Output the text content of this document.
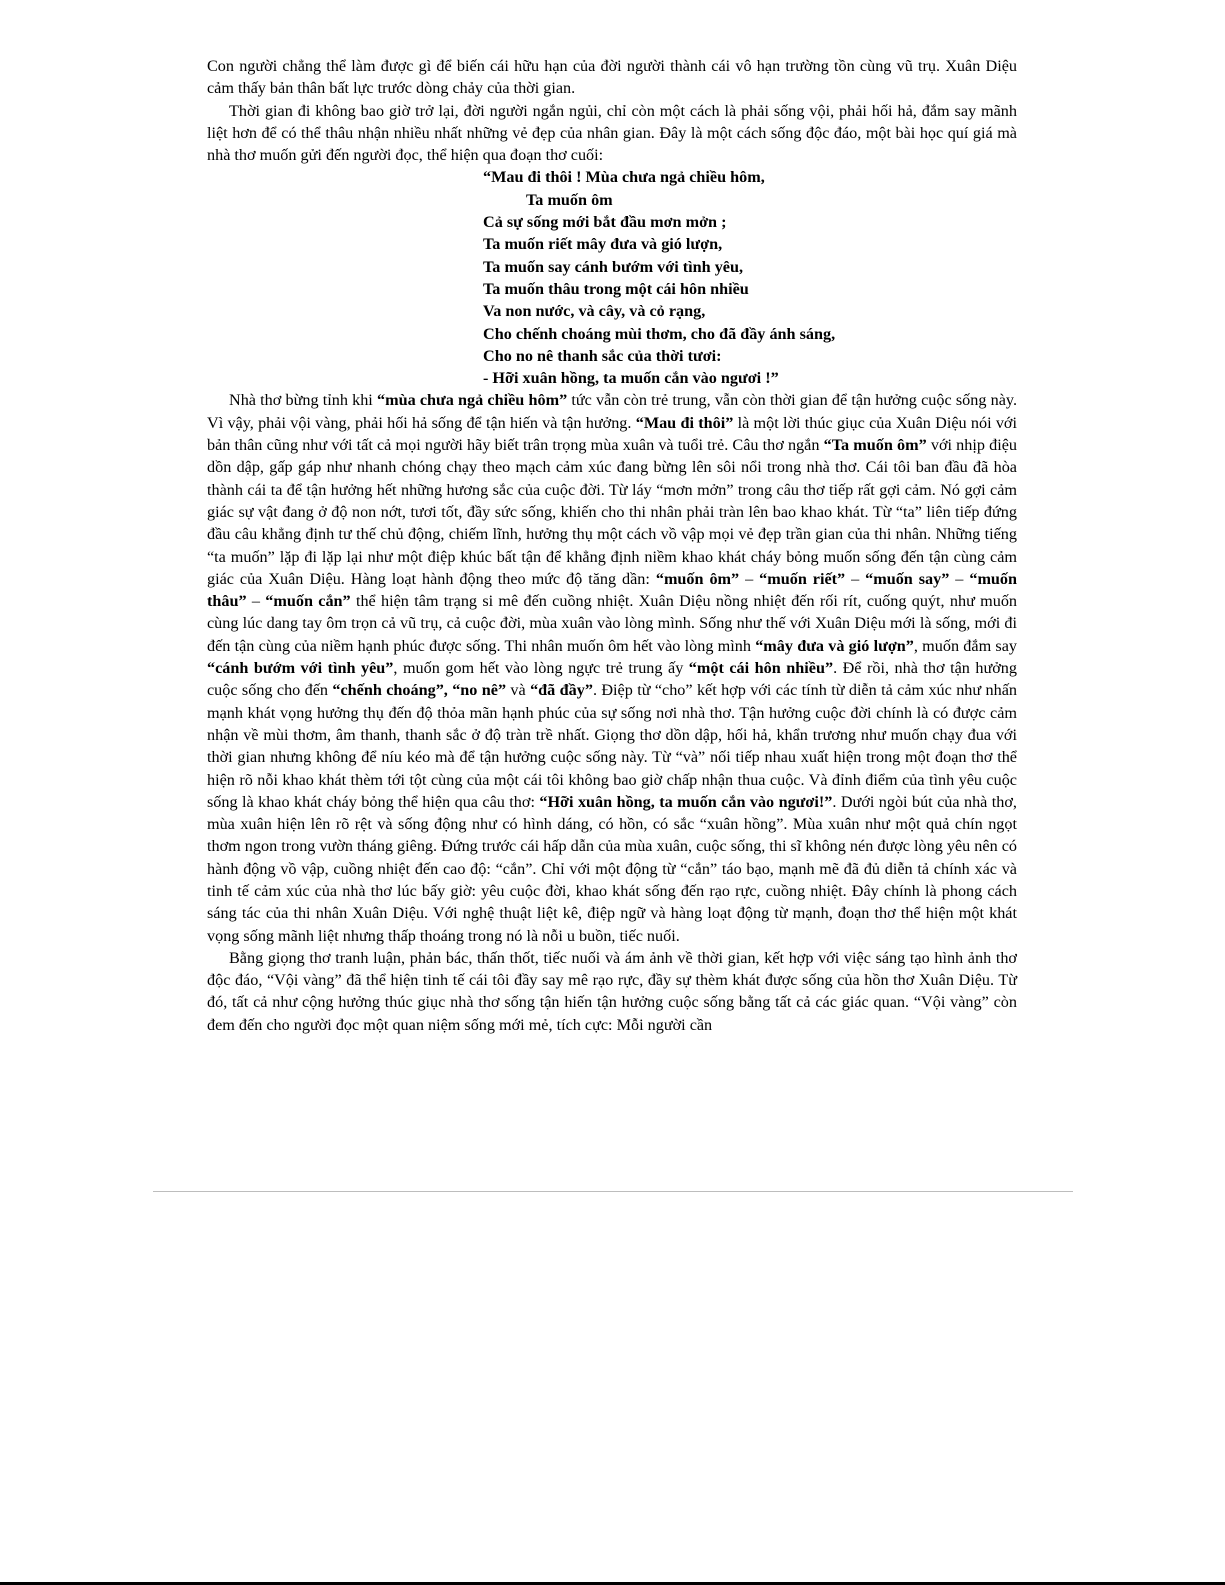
Con người chẳng thể làm được gì để biến cái hữu hạn của đời người thành cái vô hạn trường tồn cùng vũ trụ. Xuân Diệu cảm thấy bản thân bất lực trước dòng chảy của thời gian.

Thời gian đi không bao giờ trở lại, đời người ngắn ngủi, chỉ còn một cách là phải sống vội, phải hối hả, đắm say mãnh liệt hơn để có thể thâu nhận nhiều nhất những vẻ đẹp của nhân gian. Đây là một cách sống độc đáo, một bài học quí giá mà nhà thơ muốn gửi đến người đọc, thể hiện qua đoạn thơ cuối:

“Mau đi thôi ! Mùa chưa ngả chiều hôm,
Ta muốn ôm
Cả sự sống mới bắt đầu mơn mởn ;
Ta muốn riết mây đưa và gió lượn,
Ta muốn say cánh bướm với tình yêu,
Ta muốn thâu trong một cái hôn nhiều
Va non nước, và cây, và cỏ rạng,
Cho chếnh choáng mùi thơm, cho đã đầy ánh sáng,
Cho no nê thanh sắc của thời tươi:
- Hỡi xuân hồng, ta muốn cắn vào ngươi !”

Nhà thơ bừng tỉnh khi “mùa chưa ngả chiều hôm” tức vẫn còn trẻ trung, vẫn còn thời gian để tận hưởng cuộc sống này. Vì vậy, phải vội vàng, phải hối hả sống để tận hiến và tận hưởng. “Mau đi thôi” là một lời thúc giục của Xuân Diệu nói với bản thân cũng như với tất cả mọi người hãy biết trân trọng mùa xuân và tuổi trẻ. Câu thơ ngắn “Ta muốn ôm” với nhịp điệu dồn dập, gấp gáp như nhanh chóng chạy theo mạch cảm xúc đang bừng lên sôi nổi trong nhà thơ. Cái tôi ban đầu đã hòa thành cái ta để tận hưởng hết những hương sắc của cuộc đời. Từ láy “mơn mởn” trong câu thơ tiếp rất gợi cảm. Nó gợi cảm giác sự vật đang ở độ non nớt, tươi tốt, đầy sức sống, khiến cho thi nhân phải tràn lên bao khao khát. Từ “ta” liên tiếp đứng đầu câu khẳng định tư thế chủ động, chiếm lĩnh, hưởng thụ một cách vồ vập mọi vẻ đẹp trần gian của thi nhân. Những tiếng “ta muốn” lặp đi lặp lại như một điệp khúc bất tận để khẳng định niềm khao khát cháy bỏng muốn sống đến tận cùng cảm giác của Xuân Diệu. Hàng loạt hành động theo mức độ tăng dần: “muốn ôm” – “muốn riết” – “muốn say” – “muốn thâu” – “muốn cắn” thể hiện tâm trạng si mê đến cuồng nhiệt. Xuân Diệu nồng nhiệt đến rối rít, cuống quýt, như muốn cùng lúc dang tay ôm trọn cả vũ trụ, cả cuộc đời, mùa xuân vào lòng mình. Sống như thế với Xuân Diệu mới là sống, mới đi đến tận cùng của niềm hạnh phúc được sống. Thi nhân muốn ôm hết vào lòng mình “mây đưa và gió lượn”, muốn đắm say “cánh bướm với tình yêu”, muốn gom hết vào lòng ngực trẻ trung ấy “một cái hôn nhiều”. Để rồi, nhà thơ tận hưởng cuộc sống cho đến “chếnh choáng”, “no nê” và “đã đầy”. Điệp từ “cho” kết hợp với các tính từ diễn tả cảm xúc như nhấn mạnh khát vọng hưởng thụ đến độ thỏa mãn hạnh phúc của sự sống nơi nhà thơ. Tận hưởng cuộc đời chính là có được cảm nhận về mùi thơm, âm thanh, thanh sắc ở độ tràn trề nhất. Giọng thơ dồn dập, hối hả, khẩn trương như muốn chạy đua với thời gian nhưng không để níu kéo mà để tận hưởng cuộc sống này. Từ “và” nối tiếp nhau xuất hiện trong một đoạn thơ thể hiện rõ nỗi khao khát thèm tới tột cùng của một cái tôi không bao giờ chấp nhận thua cuộc. Và đỉnh điểm của tình yêu cuộc sống là khao khát cháy bỏng thể hiện qua câu thơ: “Hỡi xuân hồng, ta muốn cắn vào ngươi!”. Dưới ngòi bút của nhà thơ, mùa xuân hiện lên rõ rệt và sống động như có hình dáng, có hồn, có sắc “xuân hồng”. Mùa xuân như một quả chín ngọt thơm ngon trong vườn tháng giêng. Đứng trước cái hấp dẫn của mùa xuân, cuộc sống, thi sĩ không nén được lòng yêu nên có hành động vồ vập, cuồng nhiệt đến cao độ: “cắn”. Chỉ với một động từ “cắn” táo bạo, mạnh mẽ đã đủ diễn tả chính xác và tinh tế cảm xúc của nhà thơ lúc bấy giờ: yêu cuộc đời, khao khát sống đến rạo rực, cuồng nhiệt. Đây chính là phong cách sáng tác của thi nhân Xuân Diệu. Với nghệ thuật liệt kê, điệp ngữ và hàng loạt động từ mạnh, đoạn thơ thể hiện một khát vọng sống mãnh liệt nhưng thấp thoáng trong nó là nỗi u buồn, tiếc nuối.

Bằng giọng thơ tranh luận, phản bác, thấn thốt, tiếc nuối và ám ảnh về thời gian, kết hợp với việc sáng tạo hình ảnh thơ độc đáo, “Vội vàng” đã thể hiện tinh tế cái tôi đầy say mê rạo rực, đầy sự thèm khát được sống của hồn thơ Xuân Diệu. Từ đó, tất cả như cộng hưởng thúc giục nhà thơ sống tận hiến tận hưởng cuộc sống bằng tất cả các giác quan. “Vội vàng” còn đem đến cho người đọc một quan niệm sống mới mẻ, tích cực: Mỗi người cần
